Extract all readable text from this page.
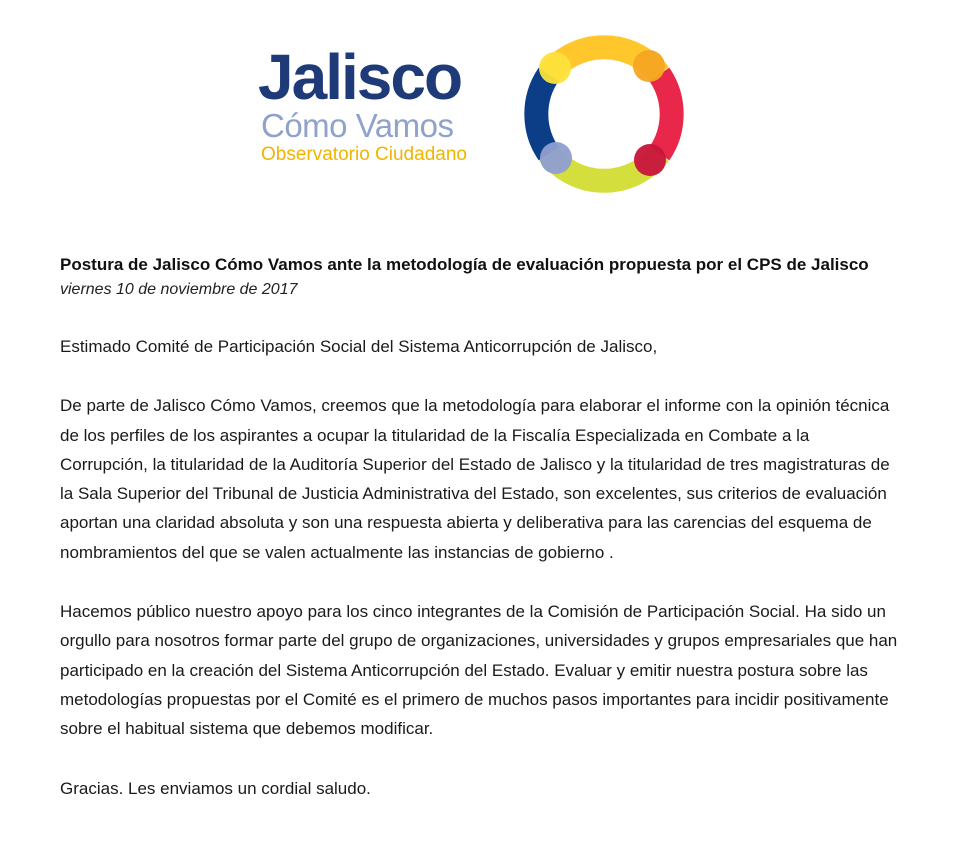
Jalisco

Cómo Vamos

Observatorio Ciudadano

Postura de Jalisco Cómo Vamos ante la metodología de evaluación propuesta por el CPS de Jalisco

viernes 10 de noviembre de 2017

Estimado Comité de Participación Social del Sistema Anticorrupción de Jalisco,

De parte de Jalisco Cómo Vamos, creemos que la metodología para elaborar el informe con la opinión técnica de los perfiles de los aspirantes a ocupar la titularidad de la Fiscalía Especializada en Combate a la Corrupción, la titularidad de la Auditoría Superior del Estado de Jalisco y la titularidad de tres magistraturas de la Sala Superior del Tribunal de Justicia Administrativa del Estado, son excelentes, sus criterios de evaluación aportan una claridad absoluta y son una respuesta abierta y deliberativa para las carencias del esquema de nombramientos del que se valen actualmente las instancias de gobierno .

Hacemos público nuestro apoyo para los cinco integrantes de la Comisión de Participación Social. Ha sido un orgullo para nosotros formar parte del grupo de organizaciones, universidades y grupos empresariales que han participado en la creación del Sistema Anticorrupción del Estado. Evaluar y emitir nuestra postura sobre las metodologías propuestas por el Comité es el primero de muchos pasos importantes para incidir positivamente sobre el habitual sistema que debemos modificar.

Gracias. Les enviamos un cordial saludo.
